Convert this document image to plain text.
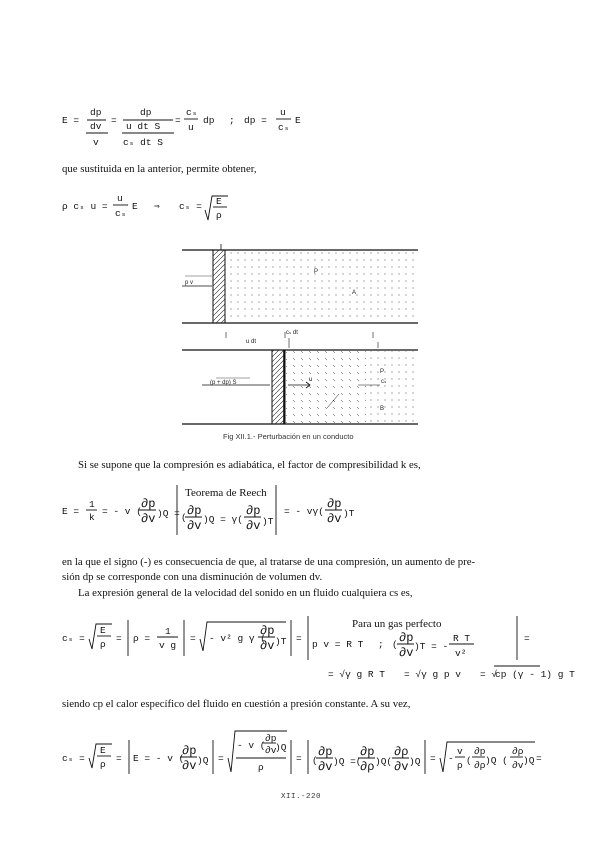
E =
dp
dv
v
=
dp
u dt S
cₛ dt S
=
cₛ
u
dp ; dp =
u
cₛ
E
que sustituida en la anterior, permite obtener,
ρ cₛ u =
u
cₛ
E ⇒ cₛ = E
ρ
p v
P
A
cₛ dt
u dt
(p + dp) S	u	cₛ
P
B
Fig XII.1.- Perturbación en un conducto
Si se supone que la compresión es adiabática, el factor de compresibilidad k es,
E =
1
k
= - v (
∂p
∂v )Q =
Teorema de Reech
( ∂p
∂v )Q = γ(
∂p
∂v )T
= - vγ(
∂p
∂v )T
en la que el signo (-) es consecuencia de que, al tratarse de una compresión, un aumento de pre-
sión dp se corresponde con una disminución de volumen dv.
La expresión general de la velocidad del sonido en un fluido cualquiera cs es,
cₛ =
E
ρ
= ρ =
1
v g
= - v² g γ (
∂p
∂v )T =
Para un gas perfecto
p v = R T ; ( ∂p
∂v )T = -
R T
v²
=
= √γ g R T = √γ g p v = √
cp (γ - 1) g T
siendo cp el calor específico del fluido en cuestión a presión constante. A su vez,
cₛ =
E
ρ
= E = - v (
∂p
∂v )Q =
- v (
∂p
∂v
)Q
ρ
= (
∂p
∂v )Q =(
∂p
∂ρ )Q(
∂ρ
∂v )Q = -
v
ρ (
∂p
∂ρ )Q (
∂ρ
∂v )Q =
XII.-220
